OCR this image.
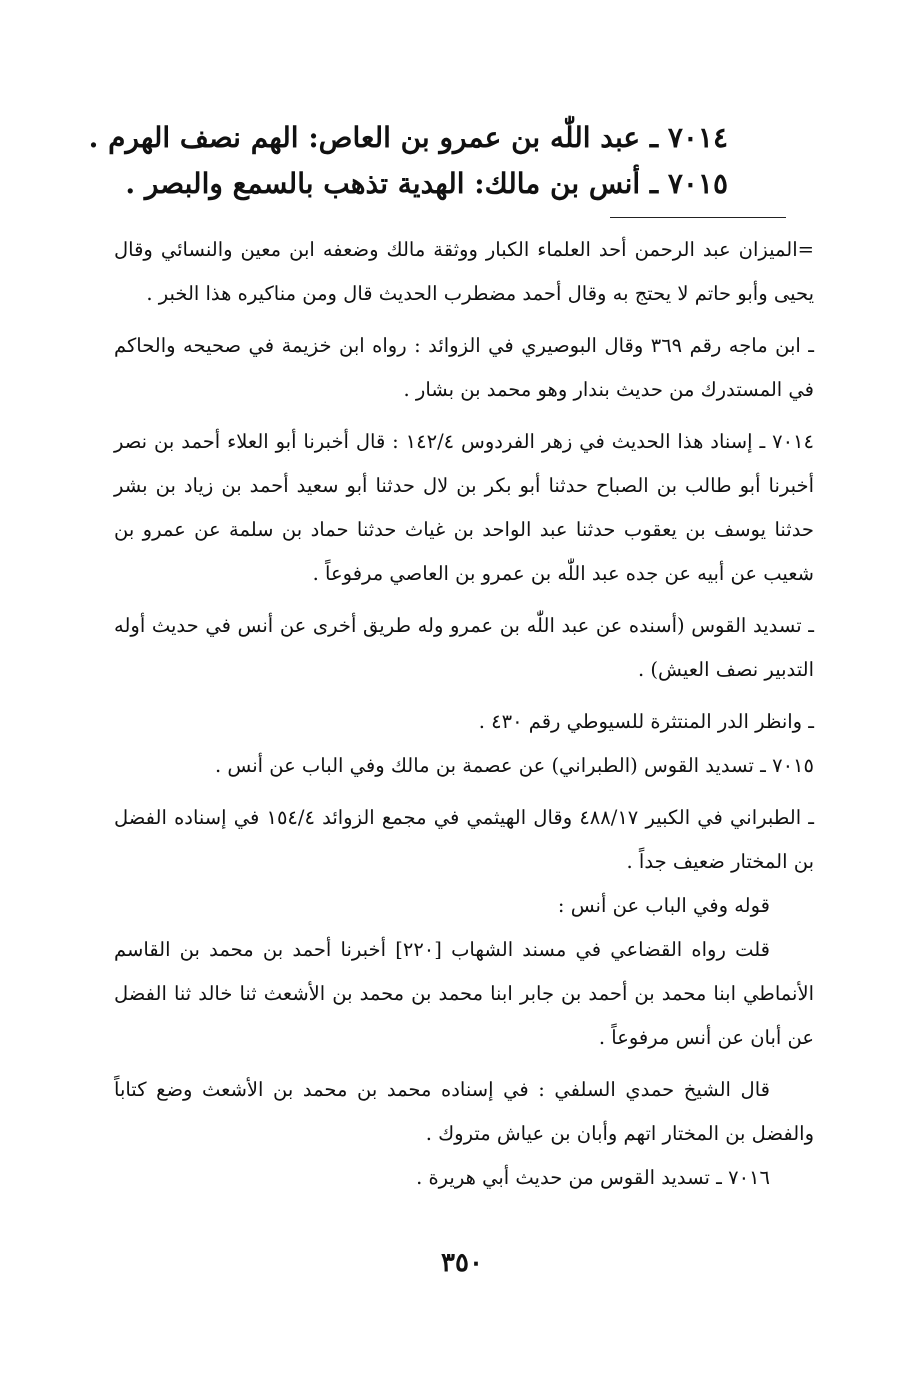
٧٠١٤ ـ عبد اللّٰه بن عمرو بن العاص: الهم نصف الهرم .
٧٠١٥ ـ أنس بن مالك: الهدية تذهب بالسمع والبصر .

=الميزان عبد الرحمن أحد العلماء الكبار ووثقة مالك وضعفه ابن معين والنسائي وقال يحيى وأبو حاتم لا يحتج به وقال أحمد مضطرب الحديث قال ومن مناكيره هذا الخبر .

ـ ابن ماجه رقم ٣٦٩ وقال البوصيري في الزوائد : رواه ابن خزيمة في صحيحه والحاكم في المستدرك من حديث بندار وهو محمد بن بشار .

٧٠١٤ ـ إسناد هذا الحديث في زهر الفردوس ١٤٢/٤ : قال أخبرنا أبو العلاء أحمد بن نصر أخبرنا أبو طالب بن الصباح حدثنا أبو بكر بن لال حدثنا أبو سعيد أحمد بن زياد بن بشر حدثنا يوسف بن يعقوب حدثنا عبد الواحد بن غياث حدثنا حماد بن سلمة عن عمرو بن شعيب عن أبيه عن جده عبد اللّٰه بن عمرو بن العاصي مرفوعاً .

ـ تسديد القوس (أسنده عن عبد اللّٰه بن عمرو وله طريق أخرى عن أنس في حديث أوله التدبير نصف العيش) .

ـ وانظر الدر المنتثرة للسيوطي رقم ٤٣٠ .

٧٠١٥ ـ تسديد القوس (الطبراني) عن عصمة بن مالك وفي الباب عن أنس .

ـ الطبراني في الكبير ٤٨٨/١٧ وقال الهيثمي في مجمع الزوائد ١٥٤/٤ في إسناده الفضل بن المختار ضعيف جداً .

قوله وفي الباب عن أنس :

قلت رواه القضاعي في مسند الشهاب [٢٢٠] أخبرنا أحمد بن محمد بن القاسم الأنماطي ابنا محمد بن أحمد بن جابر ابنا محمد بن محمد بن الأشعث ثنا خالد ثنا الفضل عن أبان عن أنس مرفوعاً .

قال الشيخ حمدي السلفي : في إسناده محمد بن محمد بن الأشعث وضع كتاباً والفضل بن المختار اتهم وأبان بن عياش متروك .

٧٠١٦ ـ تسديد القوس من حديث أبي هريرة .

٣٥٠
